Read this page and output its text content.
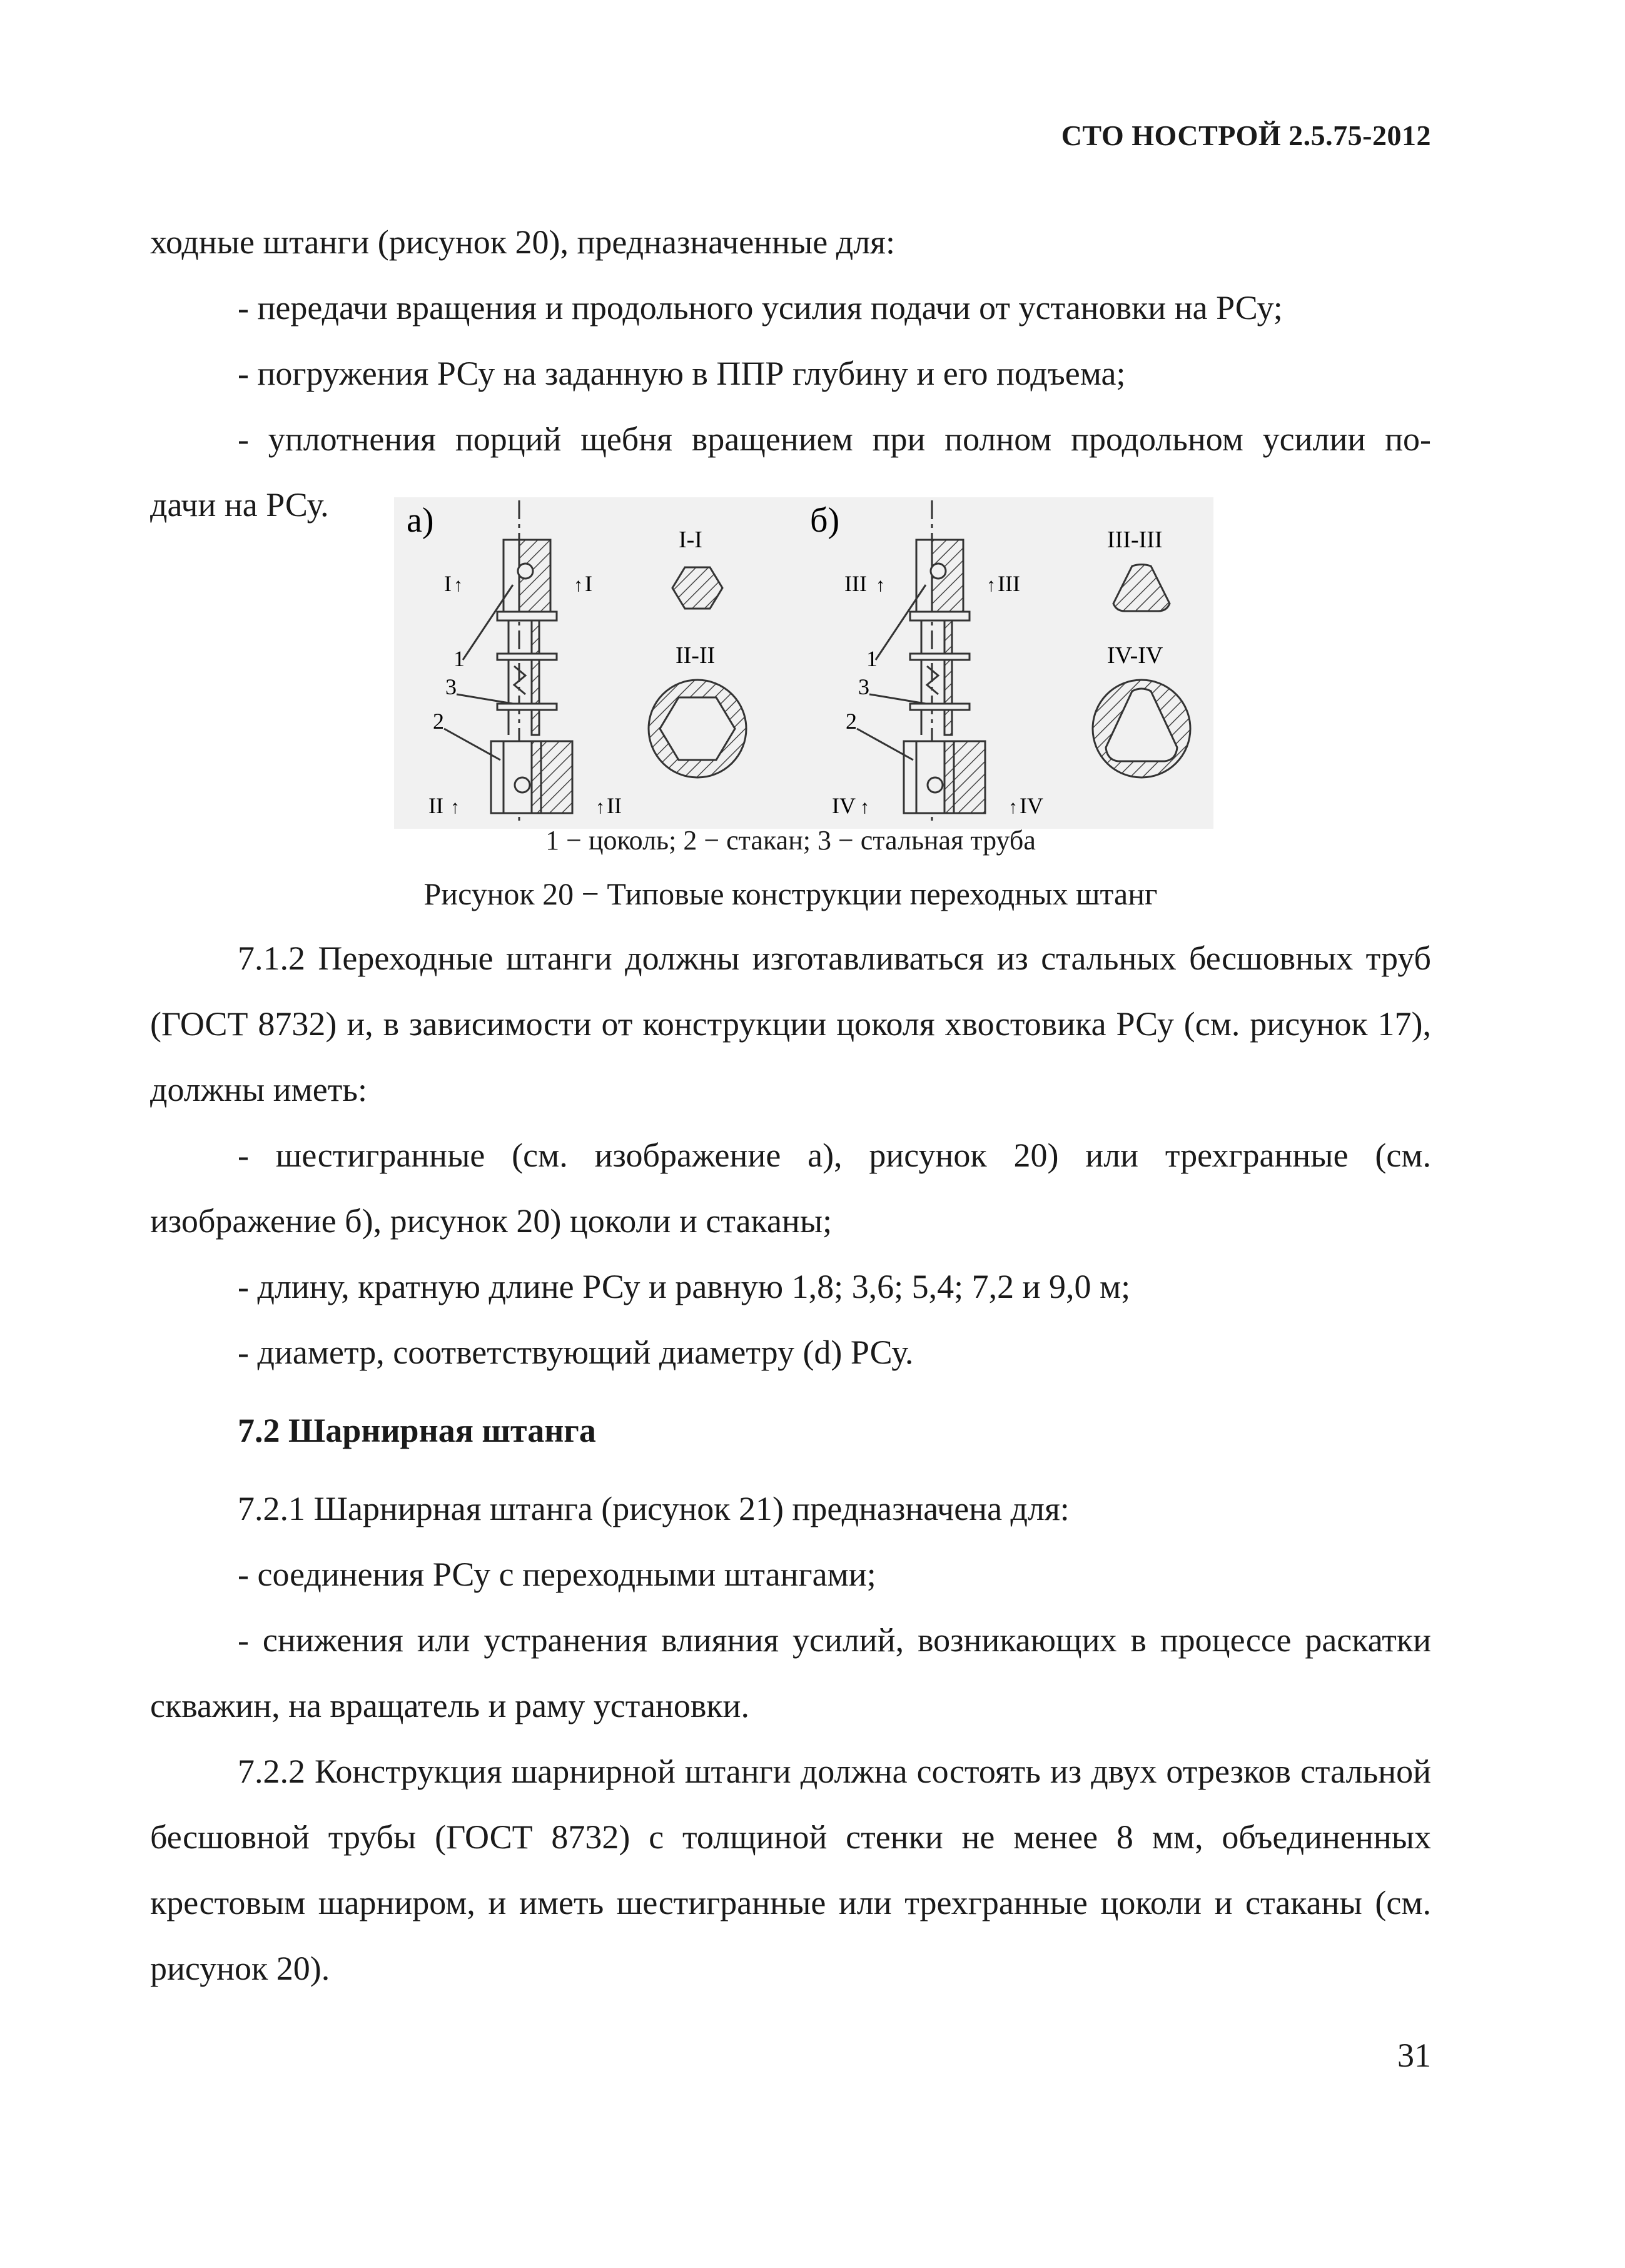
СТО НОСТРОЙ 2.5.75-2012

ходные штанги (рисунок 20), предназначенные для:

- передачи вращения и продольного усилия подачи от установки на РСу;

- погружения РСу на заданную в ППР глубину и его подъема;

- уплотнения порций щебня вращением при полном продольном усилии по-

дачи на РСу.	а)
I ↑	↑ I
II ↑	↑ II
1
3
2
I-I
II-II
б)
III ↑	↑ III
IV ↑	↑ IV
1
3
2
III-III
IV-IV
1 − цоколь; 2 − стакан; 3 − стальная труба
Рисунок 20 − Типовые конструкции переходных штанг

7.1.2 Переходные штанги должны изготавливаться из стальных бесшовных труб (ГОСТ 8732) и, в зависимости от конструкции цоколя хвостовика РСу (см. рисунок 17), должны иметь:

- шестигранные (см. изображение а), рисунок 20) или трехгранные (см. изображение б), рисунок 20) цоколи и стаканы;

- длину, кратную длине РСу и равную 1,8; 3,6; 5,4; 7,2 и 9,0 м;

- диаметр, соответствующий диаметру (d) РСу.

7.2 Шарнирная штанга

7.2.1 Шарнирная штанга (рисунок 21) предназначена для:

- соединения РСу с переходными штангами;

- снижения или устранения влияния усилий, возникающих в процессе раскатки скважин, на вращатель и раму установки.

7.2.2 Конструкция шарнирной штанги должна состоять из двух отрезков стальной бесшовной трубы (ГОСТ 8732) с толщиной стенки не менее 8 мм, объединенных крестовым шарниром, и иметь шестигранные или трехгранные цоколи и стаканы (см. рисунок 20).

31
